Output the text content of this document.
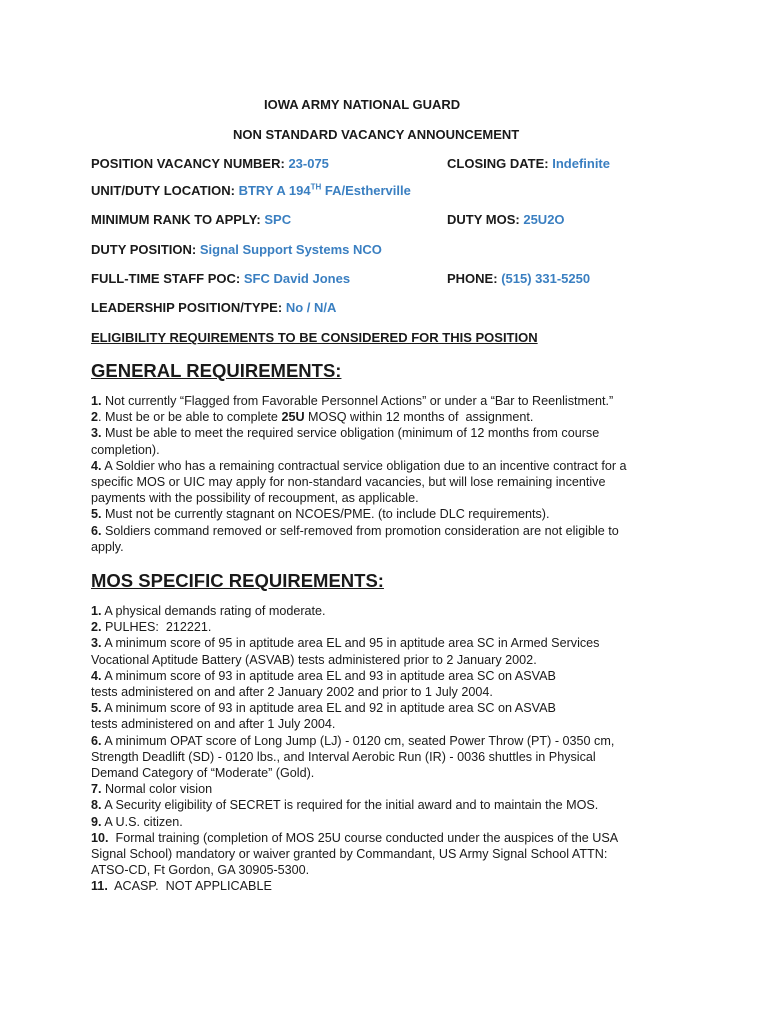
IOWA ARMY NATIONAL GUARD
NON STANDARD VACANCY ANNOUNCEMENT
POSITION VACANCY NUMBER: 23-075	CLOSING DATE: Indefinite
UNIT/DUTY LOCATION: BTRY A 194TH FA/Estherville
MINIMUM RANK TO APPLY: SPC	DUTY MOS: 25U2O
DUTY POSITION: Signal Support Systems NCO
FULL-TIME STAFF POC: SFC David Jones	PHONE: (515) 331-5250
LEADERSHIP POSITION/TYPE: No / N/A
ELIGIBILITY REQUIREMENTS TO BE CONSIDERED FOR THIS POSITION
GENERAL REQUIREMENTS:
1. Not currently “Flagged from Favorable Personnel Actions” or under a “Bar to Reenlistment.”
2. Must be or be able to complete 25U MOSQ within 12 months of  assignment.
3. Must be able to meet the required service obligation (minimum of 12 months from course
completion).
4. A Soldier who has a remaining contractual service obligation due to an incentive contract for a
specific MOS or UIC may apply for non-standard vacancies, but will lose remaining incentive
payments with the possibility of recoupment, as applicable.
5. Must not be currently stagnant on NCOES/PME. (to include DLC requirements).
6. Soldiers command removed or self-removed from promotion consideration are not eligible to
apply.
MOS SPECIFIC REQUIREMENTS:
1. A physical demands rating of moderate.
2. PULHES:  212221.
3. A minimum score of 95 in aptitude area EL and 95 in aptitude area SC in Armed Services
Vocational Aptitude Battery (ASVAB) tests administered prior to 2 January 2002.
4. A minimum score of 93 in aptitude area EL and 93 in aptitude area SC on ASVAB
tests administered on and after 2 January 2002 and prior to 1 July 2004.
5. A minimum score of 93 in aptitude area EL and 92 in aptitude area SC on ASVAB
tests administered on and after 1 July 2004.
6. A minimum OPAT score of Long Jump (LJ) - 0120 cm, seated Power Throw (PT) - 0350 cm,
Strength Deadlift (SD) - 0120 lbs., and Interval Aerobic Run (IR) - 0036 shuttles in Physical
Demand Category of “Moderate” (Gold).
7. Normal color vision
8. A Security eligibility of SECRET is required for the initial award and to maintain the MOS.
9. A U.S. citizen.
10.  Formal training (completion of MOS 25U course conducted under the auspices of the USA
Signal School) mandatory or waiver granted by Commandant, US Army Signal School ATTN:
ATSO-CD, Ft Gordon, GA 30905-5300.
11.  ACASP.  NOT APPLICABLE
